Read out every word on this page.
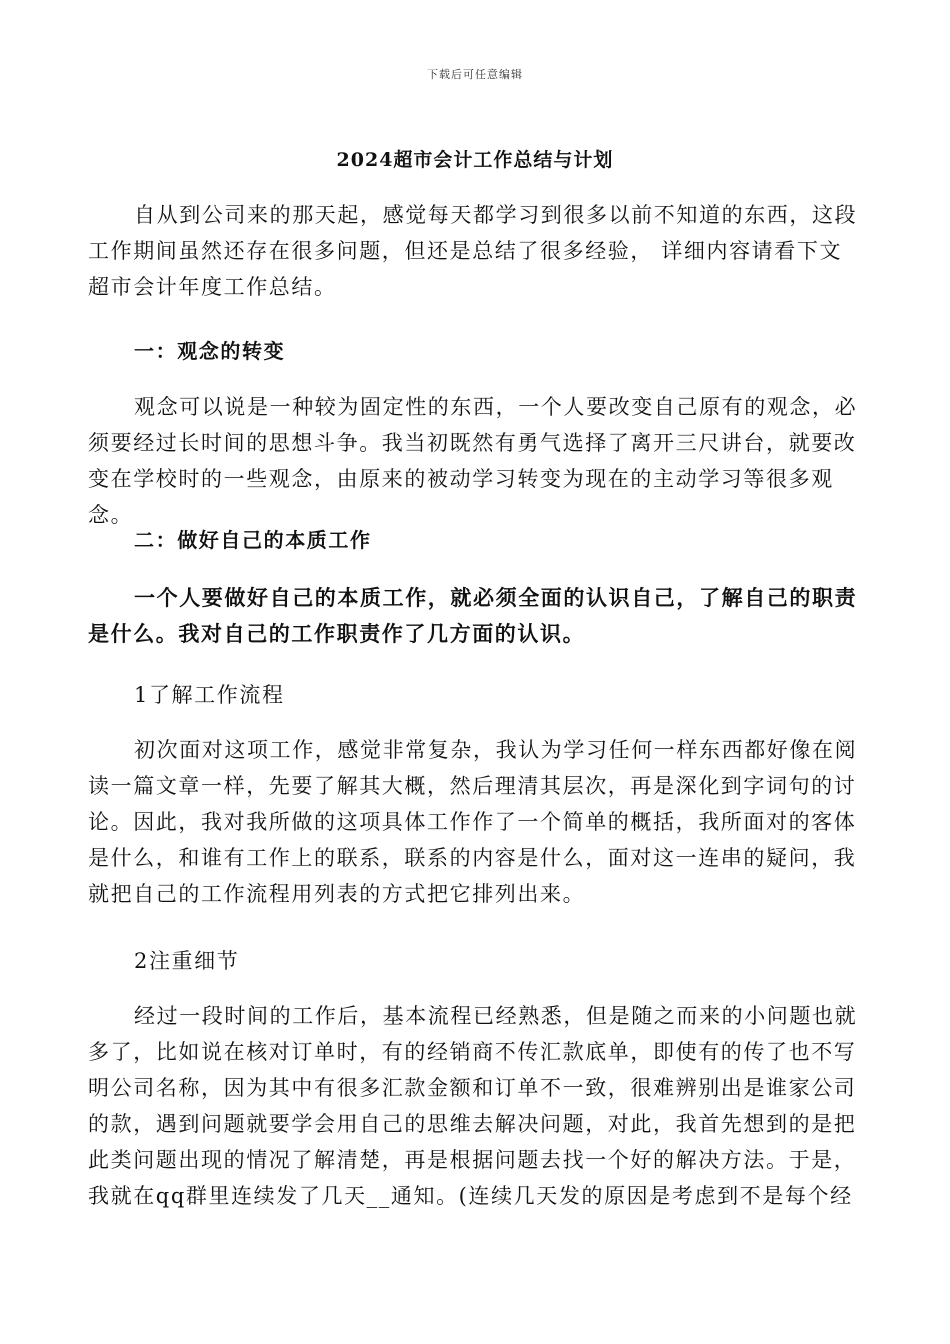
下载后可任意编辑
2024超市会计工作总结与计划

自从到公司来的那天起，感觉每天都学习到很多以前不知道的东西，这段工作期间虽然还存在很多问题，但还是总结了很多经验， 详细内容请看下文超市会计年度工作总结。

一：观念的转变

观念可以说是一种较为固定性的东西，一个人要改变自己原有的观念，必须要经过长时间的思想斗争。我当初既然有勇气选择了离开三尺讲台，就要改变在学校时的一些观念，由原来的被动学习转变为现在的主动学习等很多观念。

二：做好自己的本质工作

一个人要做好自己的本质工作，就必须全面的认识自己，了解自己的职责是什么。我对自己的工作职责作了几方面的认识。

1了解工作流程

初次面对这项工作，感觉非常复杂，我认为学习任何一样东西都好像在阅读一篇文章一样，先要了解其大概，然后理清其层次，再是深化到字词句的讨论。因此，我对我所做的这项具体工作作了一个简单的概括，我所面对的客体是什么，和谁有工作上的联系，联系的内容是什么，面对这一连串的疑问，我就把自己的工作流程用列表的方式把它排列出来。

2注重细节

经过一段时间的工作后，基本流程已经熟悉，但是随之而来的小问题也就多了，比如说在核对订单时，有的经销商不传汇款底单，即使有的传了也不写明公司名称，因为其中有很多汇款金额和订单不一致，很难辨别出是谁家公司的款，遇到问题就要学会用自己的思维去解决问题，对此，我首先想到的是把此类问题出现的情况了解清楚，再是根据问题去找一个好的解决方法。于是，我就在qq群里连续发了几天__通知。(连续几天发的原因是考虑到不是每个经
